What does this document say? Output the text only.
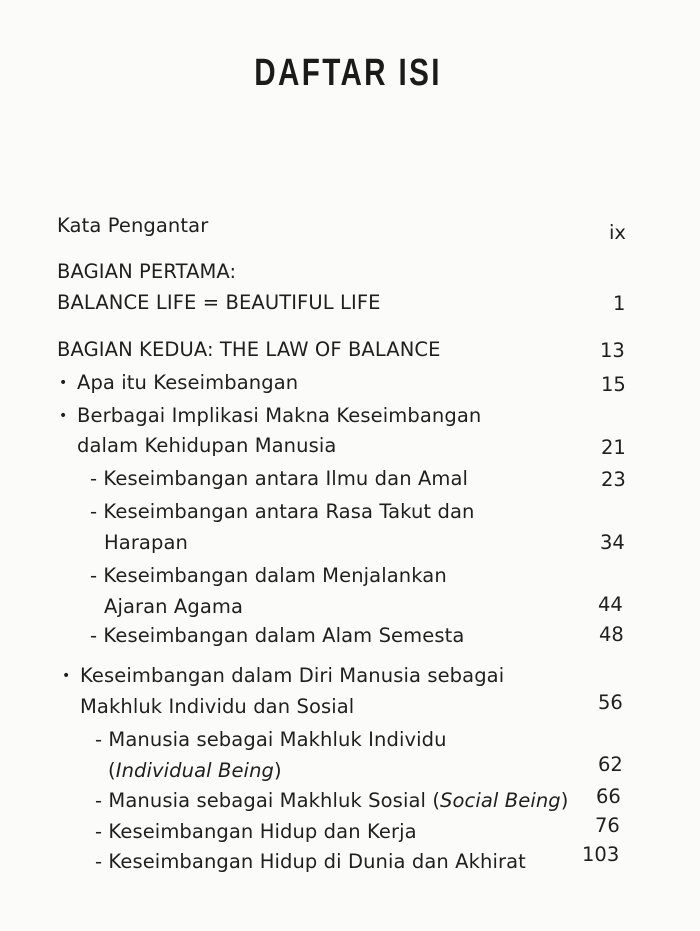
DAFTAR ISI
Kata Pengantar	ix
BAGIAN PERTAMA:
BALANCE LIFE = BEAUTIFUL LIFE	1
BAGIAN KEDUA: THE LAW OF BALANCE	13
• Apa itu Keseimbangan	15
• Berbagai Implikasi Makna Keseimbangan
dalam Kehidupan Manusia	21
- Keseimbangan antara Ilmu dan Amal	23
- Keseimbangan antara Rasa Takut dan
Harapan	34
- Keseimbangan dalam Menjalankan
Ajaran Agama	44
- Keseimbangan dalam Alam Semesta	48
• Keseimbangan dalam Diri Manusia sebagai
Makhluk Individu dan Sosial	56
- Manusia sebagai Makhluk Individu
(Individual Being)	62
- Manusia sebagai Makhluk Sosial (Social Being) 66
- Keseimbangan Hidup dan Kerja	76
- Keseimbangan Hidup di Dunia dan Akhirat	103
